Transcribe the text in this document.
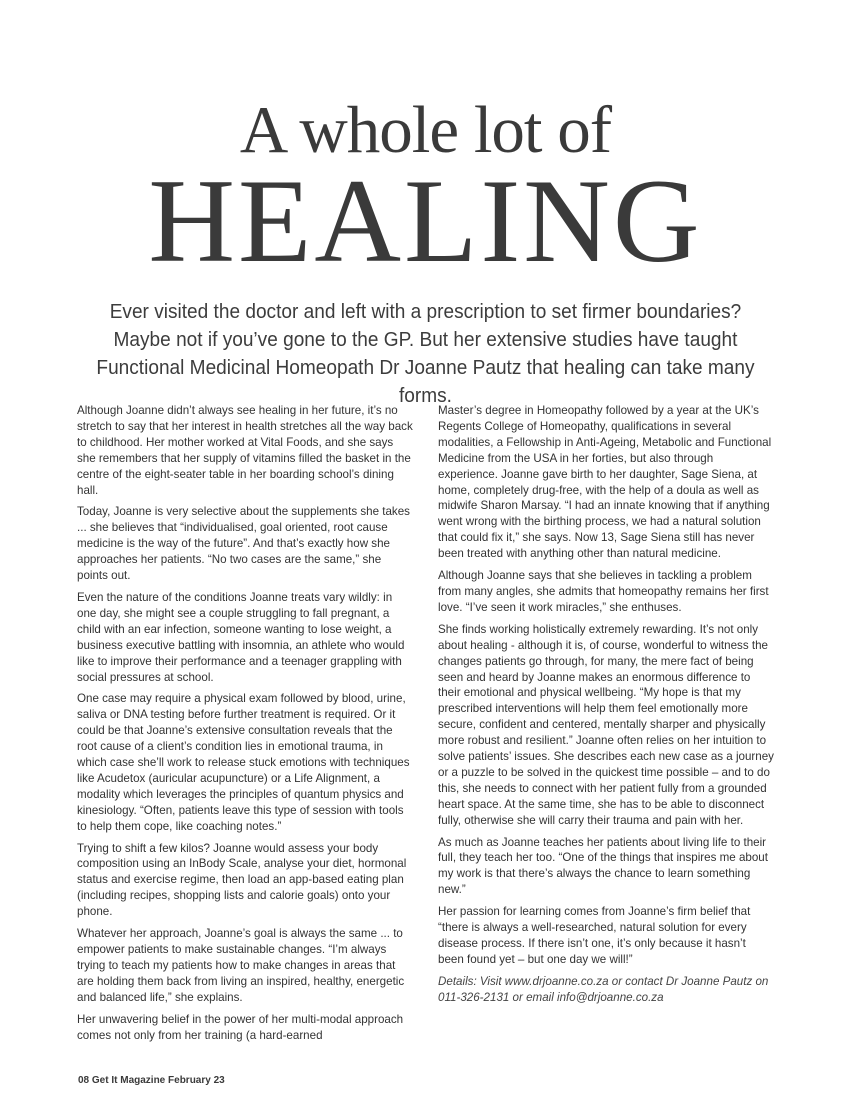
A whole lot of
HEALING

Ever visited the doctor and left with a prescription to set firmer boundaries? Maybe not if you’ve gone to the GP. But her extensive studies have taught Functional Medicinal Homeopath Dr Joanne Pautz that healing can take many forms.

Although Joanne didn’t always see healing in her future, it’s no stretch to say that her interest in health stretches all the way back to childhood. Her mother worked at Vital Foods, and she says she remembers that her supply of vitamins filled the basket in the centre of the eight-seater table in her boarding school’s dining hall.

Today, Joanne is very selective about the supplements she takes ... she believes that “individualised, goal oriented, root cause medicine is the way of the future”. And that’s exactly how she approaches her patients. “No two cases are the same,” she points out.

Even the nature of the conditions Joanne treats vary wildly: in one day, she might see a couple struggling to fall pregnant, a child with an ear infection, someone wanting to lose weight, a business executive battling with insomnia, an athlete who would like to improve their performance and a teenager grappling with social pressures at school.

One case may require a physical exam followed by blood, urine, saliva or DNA testing before further treatment is required. Or it could be that Joanne’s extensive consultation reveals that the root cause of a client’s condition lies in emotional trauma, in which case she’ll work to release stuck emotions with techniques like Acudetox (auricular acupuncture) or a Life Alignment, a modality which leverages the principles of quantum physics and kinesiology. “Often, patients leave this type of session with tools to help them cope, like coaching notes.”

Trying to shift a few kilos? Joanne would assess your body composition using an InBody Scale, analyse your diet, hormonal status and exercise regime, then load an app-based eating plan (including recipes, shopping lists and calorie goals) onto your phone.

Whatever her approach, Joanne’s goal is always the same ... to empower patients to make sustainable changes. “I’m always trying to teach my patients how to make changes in areas that are holding them back from living an inspired, healthy, energetic and balanced life,” she explains.

Her unwavering belief in the power of her multi-modal approach comes not only from her training (a hard-earned

Master’s degree in Homeopathy followed by a year at the UK’s Regents College of Homeopathy, qualifications in several modalities, a Fellowship in Anti-Ageing, Metabolic and Functional Medicine from the USA in her forties, but also through experience. Joanne gave birth to her daughter, Sage Siena, at home, completely drug-free, with the help of a doula as well as midwife Sharon Marsay. “I had an innate knowing that if anything went wrong with the birthing process, we had a natural solution that could fix it,” she says. Now 13, Sage Siena still has never been treated with anything other than natural medicine.

Although Joanne says that she believes in tackling a problem from many angles, she admits that homeopathy remains her first love. “I’ve seen it work miracles,” she enthuses.

She finds working holistically extremely rewarding. It’s not only about healing - although it is, of course, wonderful to witness the changes patients go through, for many, the mere fact of being seen and heard by Joanne makes an enormous difference to their emotional and physical wellbeing. “My hope is that my prescribed interventions will help them feel emotionally more secure, confident and centered, mentally sharper and physically more robust and resilient.” Joanne often relies on her intuition to solve patients’ issues. She describes each new case as a journey or a puzzle to be solved in the quickest time possible – and to do this, she needs to connect with her patient fully from a grounded heart space. At the same time, she has to be able to disconnect fully, otherwise she will carry their trauma and pain with her.

As much as Joanne teaches her patients about living life to their full, they teach her too. “One of the things that inspires me about my work is that there’s always the chance to learn something new.”

Her passion for learning comes from Joanne’s firm belief that “there is always a well-researched, natural solution for every disease process. If there isn’t one, it’s only because it hasn’t been found yet – but one day we will!”

Details: Visit www.drjoanne.co.za or contact Dr Joanne Pautz on 011-326-2131 or email info@drjoanne.co.za

08 Get It Magazine February 23
